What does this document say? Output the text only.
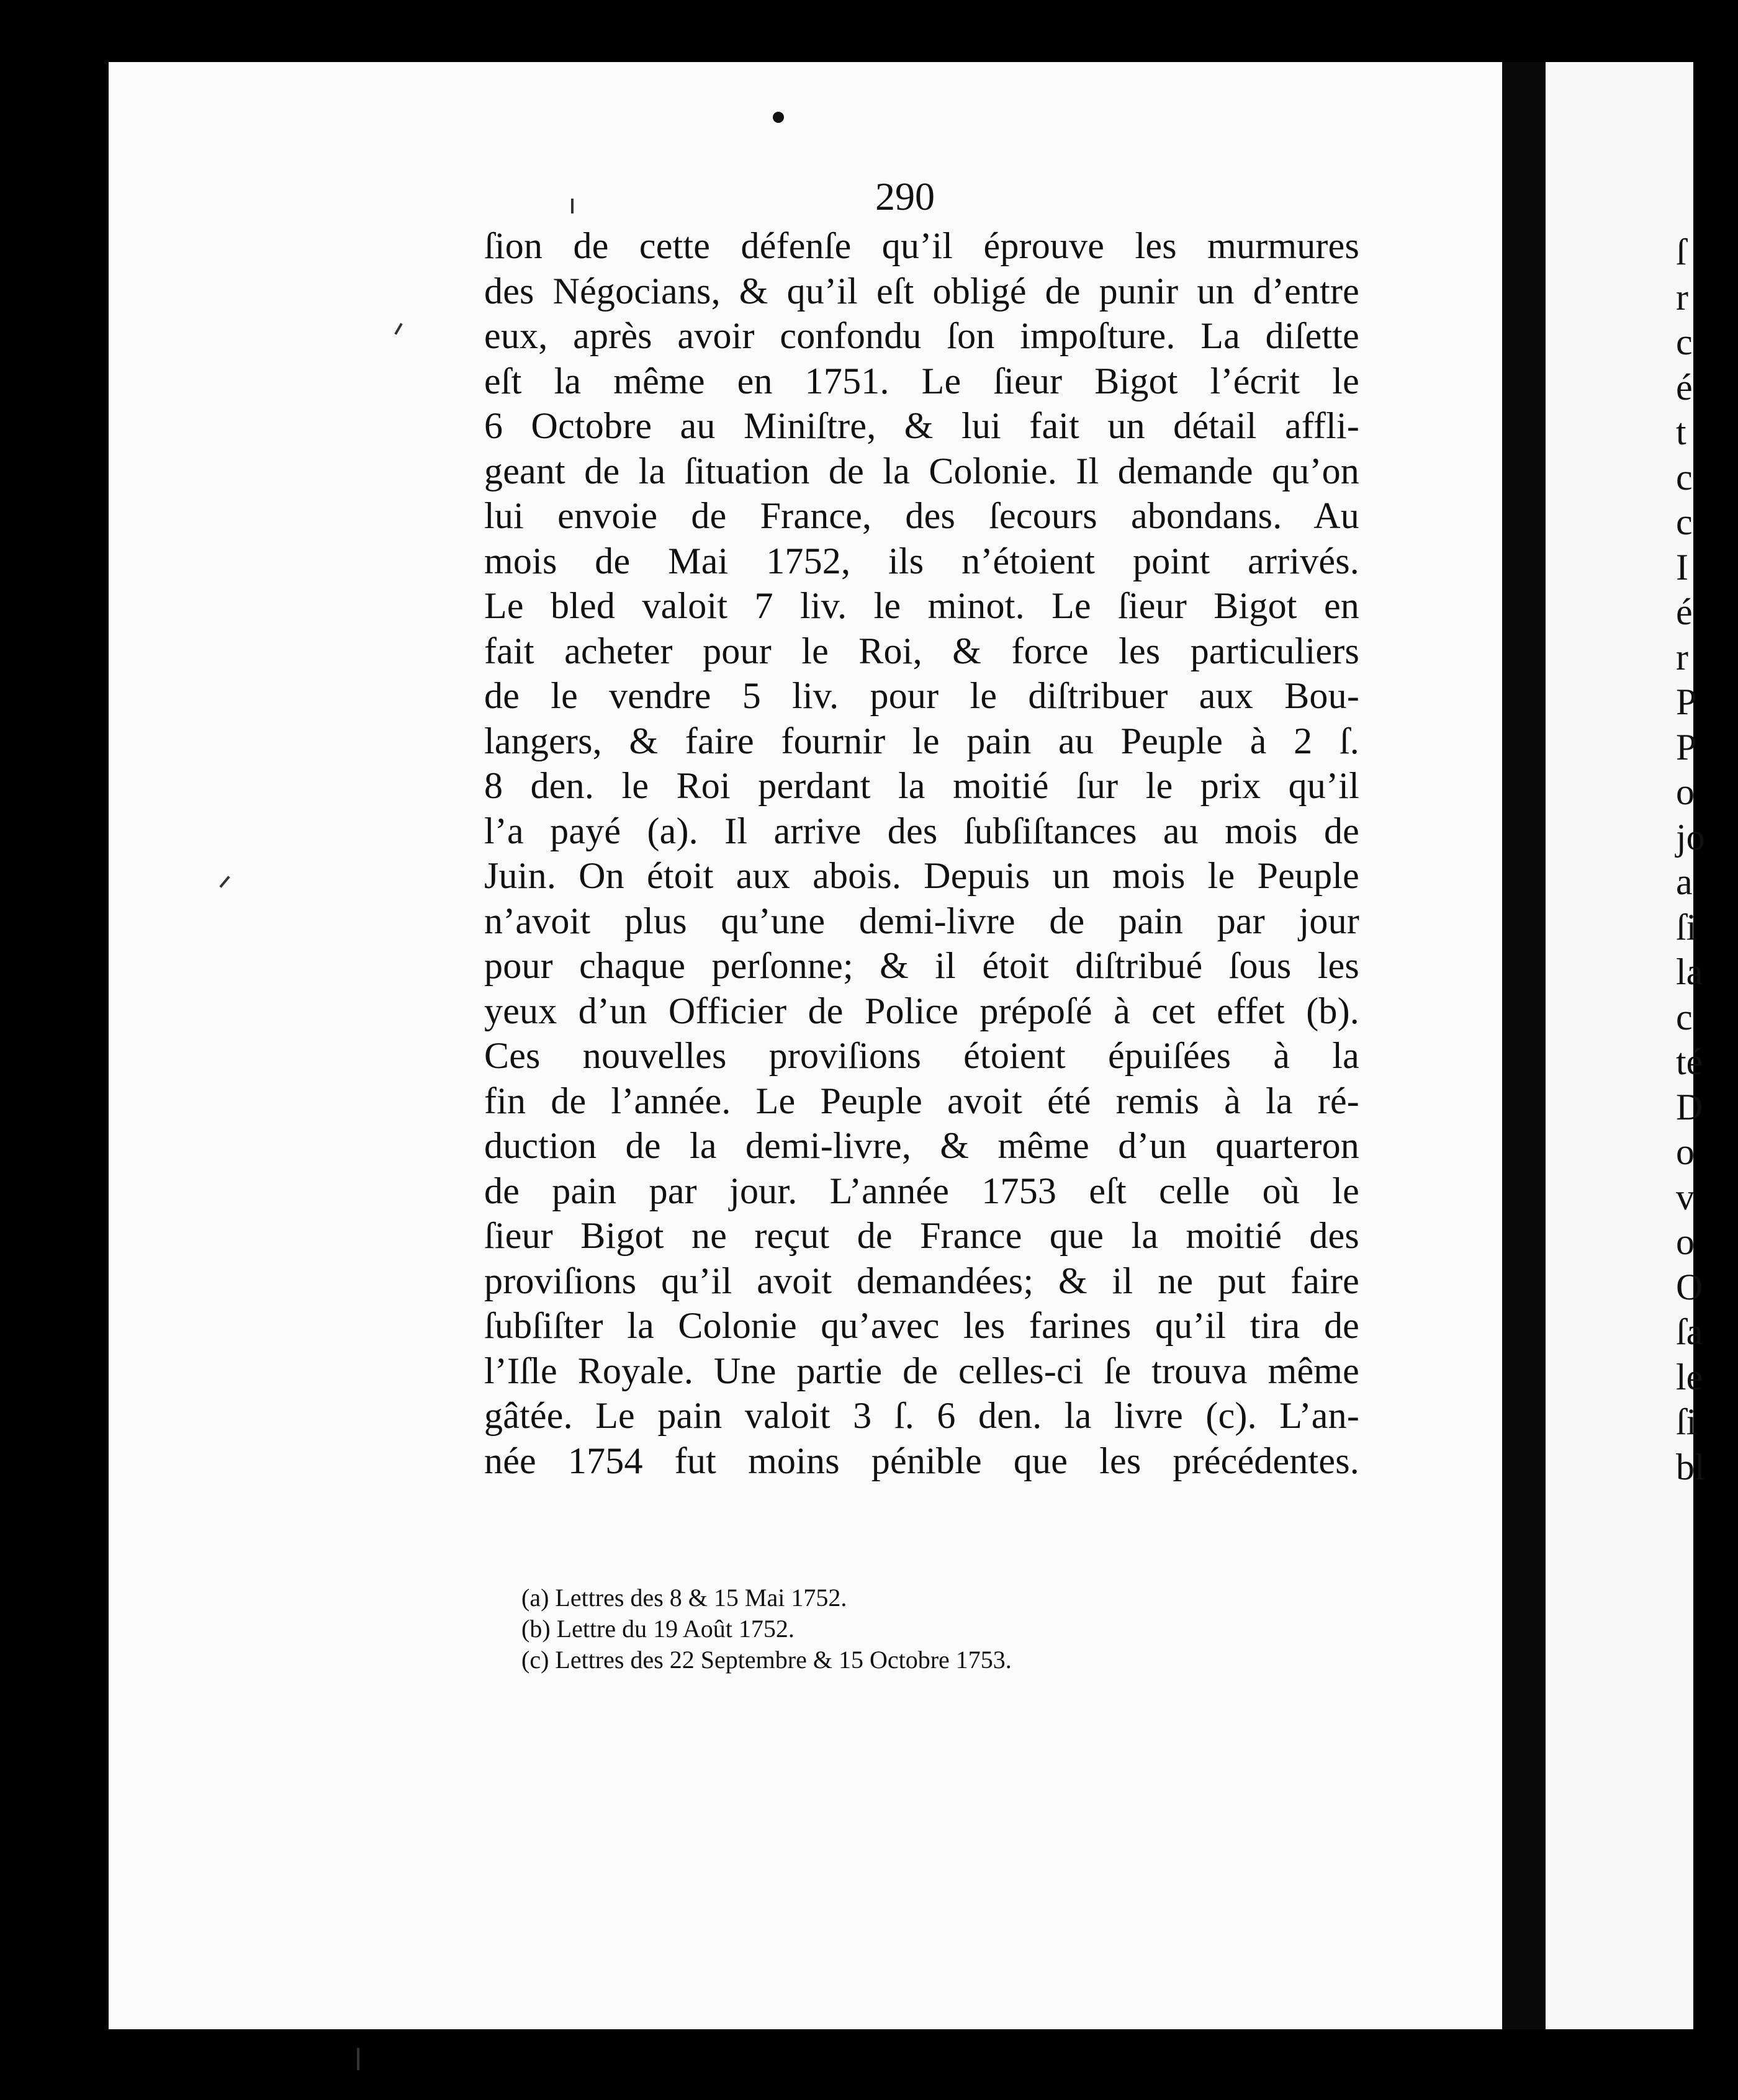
290
ſion de cette défenſe qu’il éprouve les murmures
des Négocians, & qu’il eſt obligé de punir un d’entre
eux, après avoir confondu ſon impoſture. La diſette
eſt la même en 1751. Le ſieur Bigot l’écrit le
6 Octobre au Miniſtre, & lui fait un détail affli-
geant de la ſituation de la Colonie. Il demande qu’on
lui envoie de France, des ſecours abondans. Au
mois de Mai 1752, ils n’étoient point arrivés.
Le bled valoit 7 liv. le minot. Le ſieur Bigot en
fait acheter pour le Roi, & force les particuliers
de le vendre 5 liv. pour le diſtribuer aux Bou-
langers, & faire fournir le pain au Peuple à 2 ſ.
8 den. le Roi perdant la moitié ſur le prix qu’il
l’a payé (a). Il arrive des ſubſiſtances au mois de
Juin. On étoit aux abois. Depuis un mois le Peuple
n’avoit plus qu’une demi-livre de pain par jour
pour chaque perſonne; & il étoit diſtribué ſous les
yeux d’un Officier de Police prépoſé à cet effet (b).
Ces nouvelles proviſions étoient épuiſées à la
fin de l’année. Le Peuple avoit été remis à la ré-
duction de la demi-livre, & même d’un quarteron
de pain par jour. L’année 1753 eſt celle où le
ſieur Bigot ne reçut de France que la moitié des
proviſions qu’il avoit demandées; & il ne put faire
ſubſiſter la Colonie qu’avec les farines qu’il tira de
l’Iſle Royale. Une partie de celles-ci ſe trouva même
gâtée. Le pain valoit 3 ſ. 6 den. la livre (c). L’an-
née 1754 fut moins pénible que les précédentes.
(a) Lettres des 8 & 15 Mai 1752.
(b) Lettre du 19 Août 1752.
(c) Lettres des 22 Septembre & 15 Octobre 1753.
ſ
r
c
é
t
c
c
I
é
r
P
P
o
jo
a
ſi
la
c
té
D
o
v
o
O
ſa
le
ſi
bl
